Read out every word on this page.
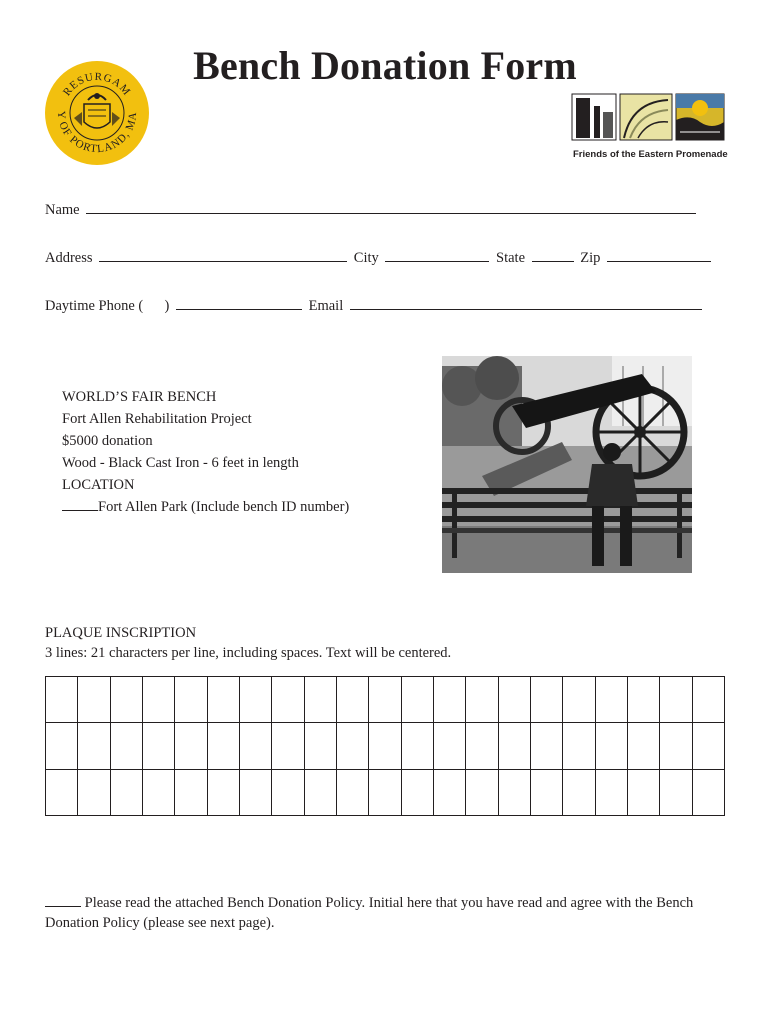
RESURGAM
Y OF PORTLAND, MA
Bench Donation Form
Friends of the Eastern Promenade
Name
Address	City	State	Zip
Daytime Phone ( )	Email
WORLD’S FAIR BENCH
Fort Allen Rehabilitation Project
$5000 donation
Wood - Black Cast Iron - 6 feet in length
LOCATION
Fort Allen Park (Include bench ID number)
PLAQUE INSCRIPTION
3 lines: 21 characters per line, including spaces. Text will be centered.

Please read the attached Bench Donation Policy. Initial here that you have read and agree with the Bench Donation Policy (please see next page).
